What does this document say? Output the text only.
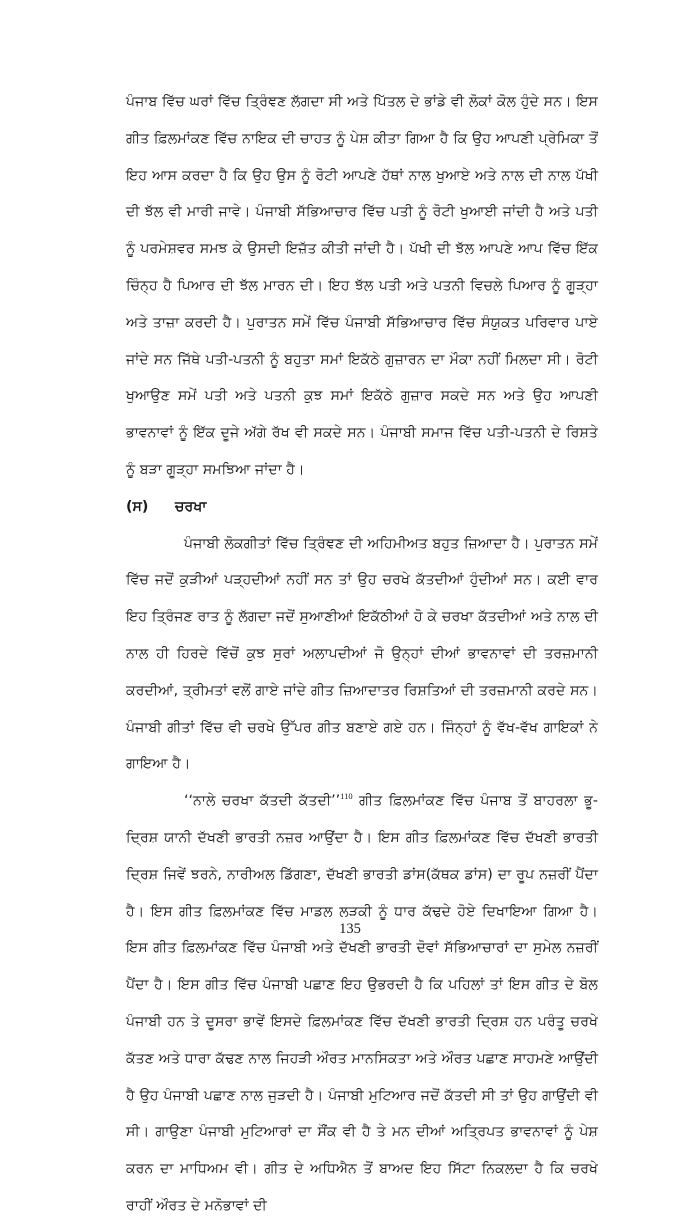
ਪੰਜਾਬ ਵਿੱਚ ਘਰਾਂ ਵਿੱਚ ਤ੍ਰਿੰਞਣ ਲੱਗਦਾ ਸੀ ਅਤੇ ਪਿੱਤਲ ਦੇ ਭਾਂਡੇ ਵੀ ਲੋਕਾਂ ਕੋਲ ਹੁੰਦੇ ਸਨ। ਇਸ ਗੀਤ ਫ਼ਿਲਮਾਂਕਣ ਵਿੱਚ ਨਾਇਕ ਦੀ ਚਾਹਤ ਨੂੰ ਪੇਸ਼ ਕੀਤਾ ਗਿਆ ਹੈ ਕਿ ਉਹ ਆਪਣੀ ਪ੍ਰੇਮਿਕਾ ਤੋਂ ਇਹ ਆਸ ਕਰਦਾ ਹੈ ਕਿ ਉਹ ਉਸ ਨੂੰ ਰੋਟੀ ਆਪਣੇ ਹੱਥਾਂ ਨਾਲ ਖੁਆਏ ਅਤੇ ਨਾਲ ਦੀ ਨਾਲ ਪੱਖੀ ਦੀ ਝੱਲ ਵੀ ਮਾਰੀ ਜਾਵੇ। ਪੰਜਾਬੀ ਸੱਭਿਆਚਾਰ ਵਿੱਚ ਪਤੀ ਨੂੰ ਰੋਟੀ ਖੁਆਈ ਜਾਂਦੀ ਹੈ ਅਤੇ ਪਤੀ ਨੂੰ ਪਰਮੇਸ਼ਵਰ ਸਮਝ ਕੇ ਉਸਦੀ ਇਜ਼ੱਤ ਕੀਤੀ ਜਾਂਦੀ ਹੈ। ਪੱਖੀ ਦੀ ਝੱਲ ਆਪਣੇ ਆਪ ਵਿੱਚ ਇੱਕ ਚਿੰਨ੍ਹ ਹੈ ਪਿਆਰ ਦੀ ਝੱਲ ਮਾਰਨ ਦੀ। ਇਹ ਝੱਲ ਪਤੀ ਅਤੇ ਪਤਨੀ ਵਿਚਲੇ ਪਿਆਰ ਨੂੰ ਗੂੜ੍ਹਾ ਅਤੇ ਤਾਜ਼ਾ ਕਰਦੀ ਹੈ। ਪੁਰਾਤਨ ਸਮੇਂ ਵਿੱਚ ਪੰਜਾਬੀ ਸੱਭਿਆਚਾਰ ਵਿੱਚ ਸੰਯੁਕਤ ਪਰਿਵਾਰ ਪਾਏ ਜਾਂਦੇ ਸਨ ਜਿੱਥੇ ਪਤੀ-ਪਤਨੀ ਨੂੰ ਬਹੁਤਾ ਸਮਾਂ ਇਕੱਠੇ ਗੁਜ਼ਾਰਨ ਦਾ ਮੌਕਾ ਨਹੀਂ ਮਿਲਦਾ ਸੀ। ਰੋਟੀ ਖੁਆਉਣ ਸਮੇਂ ਪਤੀ ਅਤੇ ਪਤਨੀ ਕੁਝ ਸਮਾਂ ਇਕੱਠੇ ਗੁਜ਼ਾਰ ਸਕਦੇ ਸਨ ਅਤੇ ਉਹ ਆਪਣੀ ਭਾਵਨਾਵਾਂ ਨੂੰ ਇੱਕ ਦੂਜੇ ਅੱਗੇ ਰੱਖ ਵੀ ਸਕਦੇ ਸਨ। ਪੰਜਾਬੀ ਸਮਾਜ ਵਿੱਚ ਪਤੀ-ਪਤਨੀ ਦੇ ਰਿਸ਼ਤੇ ਨੂੰ ਬੜਾ ਗੂੜ੍ਹਾ ਸਮਝਿਆ ਜਾਂਦਾ ਹੈ।

(ਸ)	ਚਰਖਾ

ਪੰਜਾਬੀ ਲੋਕਗੀਤਾਂ ਵਿੱਚ ਤ੍ਰਿੰਞਣ ਦੀ ਅਹਿਮੀਅਤ ਬਹੁਤ ਜ਼ਿਆਦਾ ਹੈ। ਪੁਰਾਤਨ ਸਮੇਂ ਵਿੱਚ ਜਦੋਂ ਕੁੜੀਆਂ ਪੜ੍ਹਦੀਆਂ ਨਹੀਂ ਸਨ ਤਾਂ ਉਹ ਚਰਖੇ ਕੱਤਦੀਆਂ ਹੁੰਦੀਆਂ ਸਨ। ਕਈ ਵਾਰ ਇਹ ਤ੍ਰਿੰਜਣ ਰਾਤ ਨੂੰ ਲੱਗਦਾ ਜਦੋਂ ਸੁਆਣੀਆਂ ਇਕੱਠੀਆਂ ਹੋ ਕੇ ਚਰਖਾ ਕੱਤਦੀਆਂ ਅਤੇ ਨਾਲ ਦੀ ਨਾਲ ਹੀ ਹਿਰਦੇ ਵਿੱਚੋਂ ਕੁਝ ਸੁਰਾਂ ਅਲਾਪਦੀਆਂ ਜੋ ਉਨ੍ਹਾਂ ਦੀਆਂ ਭਾਵਨਾਵਾਂ ਦੀ ਤਰਜ਼ਮਾਨੀ ਕਰਦੀਆਂ, ਤ੍ਰੀਮਤਾਂ ਵਲੋਂ ਗਾਏ ਜਾਂਦੇ ਗੀਤ ਜ਼ਿਆਦਾਤਰ ਰਿਸ਼ਤਿਆਂ ਦੀ ਤਰਜ਼ਮਾਨੀ ਕਰਦੇ ਸਨ। ਪੰਜਾਬੀ ਗੀਤਾਂ ਵਿੱਚ ਵੀ ਚਰਖੇ ਉੱਪਰ ਗੀਤ ਬਣਾਏ ਗਏ ਹਨ। ਜਿੰਨ੍ਹਾਂ ਨੂੰ ਵੱਖ-ਵੱਖ ਗਾਇਕਾਂ ਨੇ ਗਾਇਆ ਹੈ।

‘‘ਨਾਲੇ ਚਰਖਾ ਕੱਤਦੀ ਕੱਤਦੀ’’$^{110}$ ਗੀਤ ਫ਼ਿਲਮਾਂਕਣ ਵਿੱਚ ਪੰਜਾਬ ਤੋਂ ਬਾਹਰਲਾ ਭੂ-ਦ੍ਰਿਸ਼ ਯਾਨੀ ਦੱਖਣੀ ਭਾਰਤੀ ਨਜ਼ਰ ਆਉਂਦਾ ਹੈ। ਇਸ ਗੀਤ ਫ਼ਿਲਮਾਂਕਣ ਵਿੱਚ ਦੱਖਣੀ ਭਾਰਤੀ ਦ੍ਰਿਸ਼ ਜਿਵੇਂ ਝਰਨੇ, ਨਾਰੀਅਲ ਡਿੱਗਣਾ, ਦੱਖਣੀ ਭਾਰਤੀ ਡਾਂਸ(ਕੱਥਕ ਡਾਂਸ) ਦਾ ਰੂਪ ਨਜ਼ਰੀਂ ਪੈਂਦਾ ਹੈ। ਇਸ ਗੀਤ ਫ਼ਿਲਮਾਂਕਣ ਵਿੱਚ ਮਾਡਲ ਲੜਕੀ ਨੂੰ ਧਾਰ ਕੱਢਦੇ ਹੋਏ ਦਿਖਾਇਆ ਗਿਆ ਹੈ। ਇਸ ਗੀਤ ਫ਼ਿਲਮਾਂਕਣ ਵਿੱਚ ਪੰਜਾਬੀ ਅਤੇ ਦੱਖਣੀ ਭਾਰਤੀ ਦੋਵਾਂ ਸੱਭਿਆਚਾਰਾਂ ਦਾ ਸੁਮੇਲ ਨਜ਼ਰੀਂ ਪੈਂਦਾ ਹੈ। ਇਸ ਗੀਤ ਵਿੱਚ ਪੰਜਾਬੀ ਪਛਾਣ ਇਹ ਉਭਰਦੀ ਹੈ ਕਿ ਪਹਿਲਾਂ ਤਾਂ ਇਸ ਗੀਤ ਦੇ ਬੋਲ ਪੰਜਾਬੀ ਹਨ ਤੇ ਦੂਸਰਾ ਭਾਵੇਂ ਇਸਦੇ ਫ਼ਿਲਮਾਂਕਣ ਵਿੱਚ ਦੱਖਣੀ ਭਾਰਤੀ ਦ੍ਰਿਸ਼ ਹਨ ਪਰੰਤੂ ਚਰਖੇ ਕੱਤਣ ਅਤੇ ਧਾਰਾ ਕੱਢਣ ਨਾਲ ਜਿਹੜੀ ਔਰਤ ਮਾਨਸਿਕਤਾ ਅਤੇ ਔਰਤ ਪਛਾਣ ਸਾਹਮਣੇ ਆਉਂਦੀ ਹੈ ਉਹ ਪੰਜਾਬੀ ਪਛਾਣ ਨਾਲ ਜੁੜਦੀ ਹੈ। ਪੰਜਾਬੀ ਮੁਟਿਆਰ ਜਦੋਂ ਕੱਤਦੀ ਸੀ ਤਾਂ ਉਹ ਗਾਉਂਦੀ ਵੀ ਸੀ। ਗਾਉਣਾ ਪੰਜਾਬੀ ਮੁਟਿਆਰਾਂ ਦਾ ਸੌਂਕ ਵੀ ਹੈ ਤੇ ਮਨ ਦੀਆਂ ਅਤ੍ਰਿਪਤ ਭਾਵਨਾਵਾਂ ਨੂੰ ਪੇਸ਼ ਕਰਨ ਦਾ ਮਾਧਿਅਮ ਵੀ। ਗੀਤ ਦੇ ਅਧਿਐਨ ਤੋਂ ਬਾਅਦ ਇਹ ਸਿੱਟਾ ਨਿਕਲਦਾ ਹੈ ਕਿ ਚਰਖੇ ਰਾਹੀਂ ਔਰਤ ਦੇ ਮਨੋਭਾਵਾਂ ਦੀ

135
